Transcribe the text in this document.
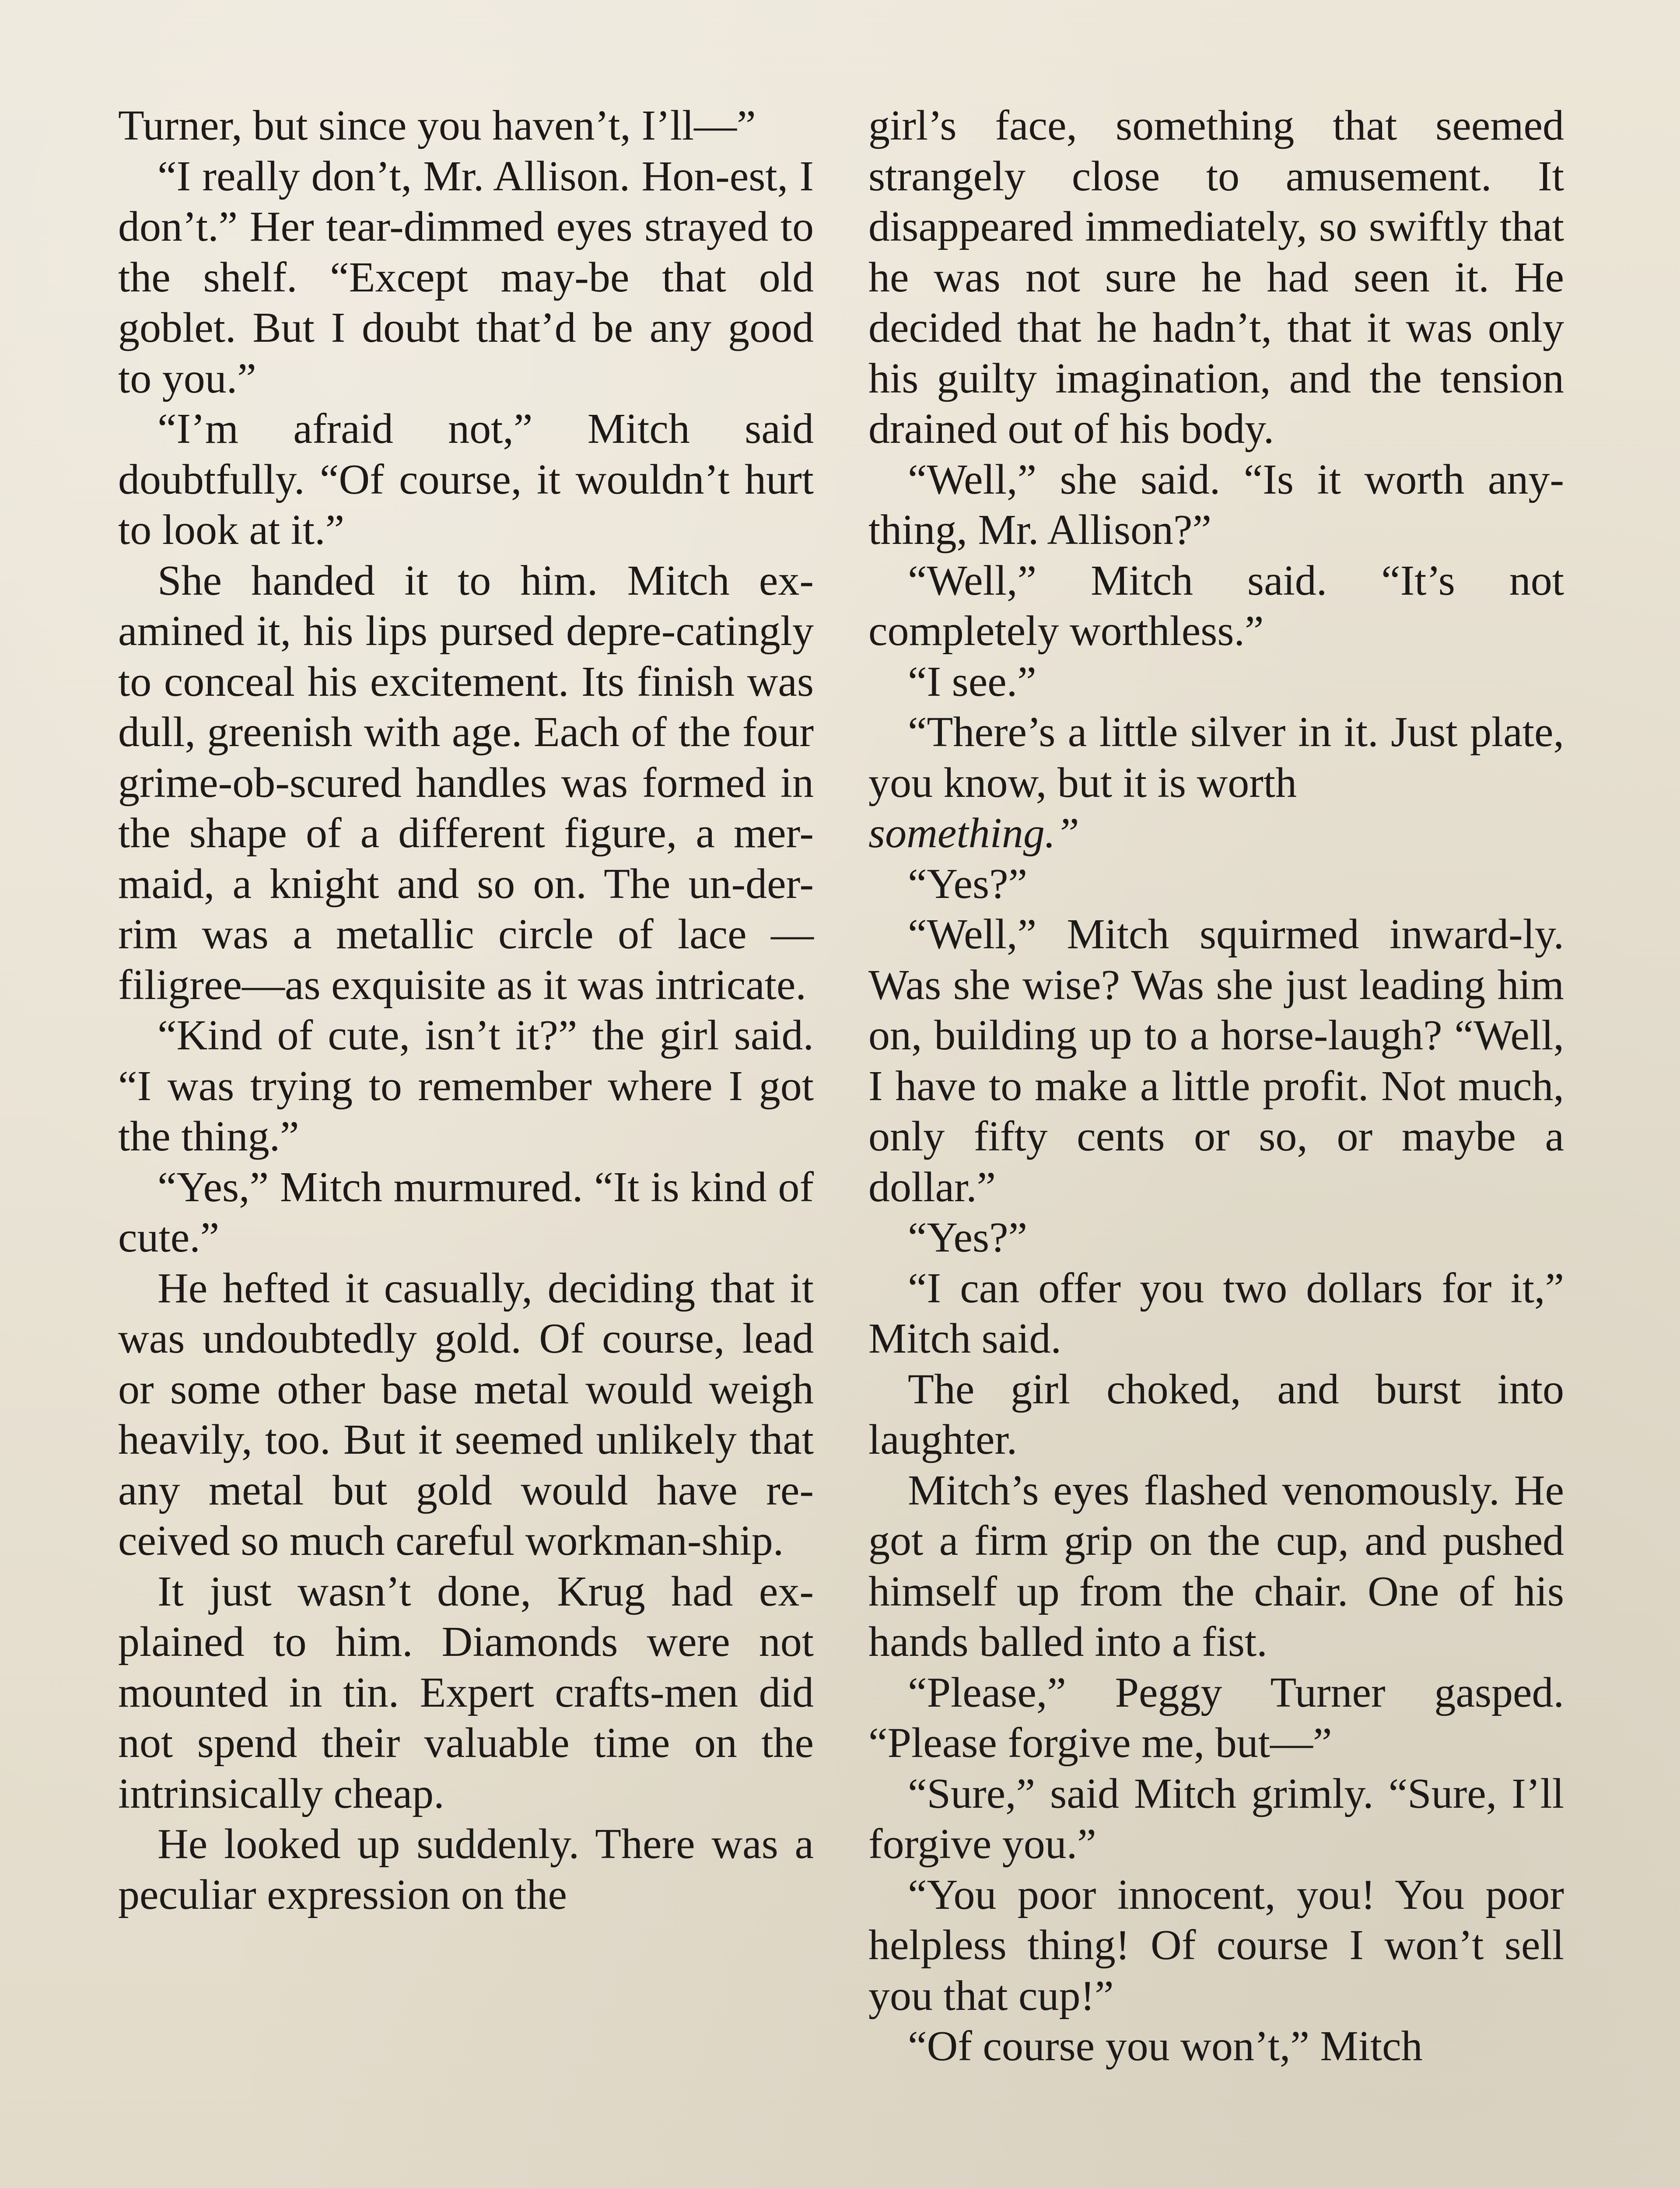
Turner, but since you haven’t, I’ll—”

“I really don’t, Mr. Allison. Hon-est, I don’t.” Her tear-dimmed eyes strayed to the shelf. “Except may-be that old goblet. But I doubt that’d be any good to you.”

“I’m afraid not,” Mitch said doubtfully. “Of course, it wouldn’t hurt to look at it.”

She handed it to him. Mitch ex-amined it, his lips pursed depre-catingly to conceal his excitement. Its finish was dull, greenish with age. Each of the four grime-ob-scured handles was formed in the shape of a different figure, a mer-maid, a knight and so on. The un-der-rim was a metallic circle of lace —filigree—as exquisite as it was intricate.

“Kind of cute, isn’t it?” the girl said. “I was trying to remember where I got the thing.”

“Yes,” Mitch murmured. “It is kind of cute.”

He hefted it casually, deciding that it was undoubtedly gold. Of course, lead or some other base metal would weigh heavily, too. But it seemed unlikely that any metal but gold would have re-ceived so much careful workman-ship.

It just wasn’t done, Krug had ex-plained to him. Diamonds were not mounted in tin. Expert crafts-men did not spend their valuable time on the intrinsically cheap.

He looked up suddenly. There was a peculiar expression on the

girl’s face, something that seemed strangely close to amusement. It disappeared immediately, so swiftly that he was not sure he had seen it. He decided that he hadn’t, that it was only his guilty imagination, and the tension drained out of his body.

“Well,” she said. “Is it worth any-thing, Mr. Allison?”

“Well,” Mitch said. “It’s not completely worthless.”

“I see.”

“There’s a little silver in it. Just plate, you know, but it is worth

something.”

“Yes?”

“Well,” Mitch squirmed inward-ly. Was she wise? Was she just leading him on, building up to a horse-laugh? “Well, I have to make a little profit. Not much, only fifty cents or so, or maybe a dollar.”

“Yes?”

“I can offer you two dollars for it,” Mitch said.

The girl choked, and burst into laughter.

Mitch’s eyes flashed venomously. He got a firm grip on the cup, and pushed himself up from the chair. One of his hands balled into a fist.

“Please,” Peggy Turner gasped. “Please forgive me, but—”

“Sure,” said Mitch grimly. “Sure, I’ll forgive you.”

“You poor innocent, you! You poor helpless thing! Of course I won’t sell you that cup!”

“Of course you won’t,” Mitch
